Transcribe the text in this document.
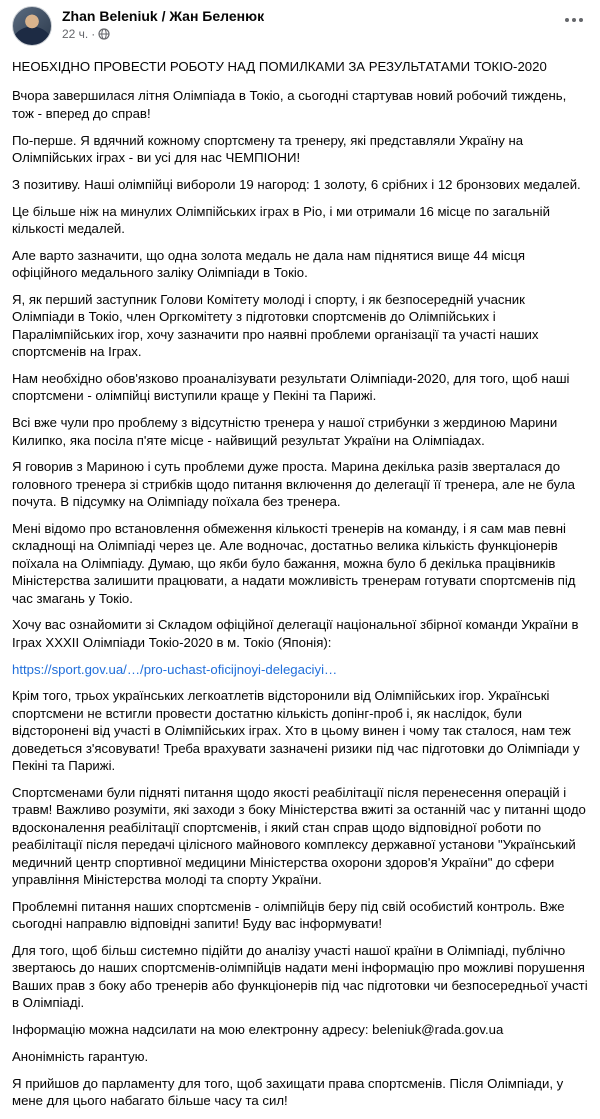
Zhan Beleniuk / Жан Беленюк
22 ч. ·

НЕОБХІДНО ПРОВЕСТИ РОБОТУ НАД ПОМИЛКАМИ ЗА РЕЗУЛЬТАТАМИ ТОКІО-2020

Вчора завершилася літня Олімпіада в Токіо, а сьогодні стартував новий робочий тиждень, тож - вперед до справ!

По-перше. Я вдячний кожному спортсмену та тренеру, які представляли Україну на Олімпійських іграх - ви усі для нас ЧЕМПІОНИ!

З позитиву. Наші олімпійці виборoли 19 нагород: 1 золоту, 6 срібних і 12 бронзових медалей.

Це більше ніж на минулих Олімпійських іграх в Ріо, і ми отримали 16 місце по загальній кількості медалей.

Але варто зазначити, що одна золота медаль не дала нам піднятися вище 44 місця офіційного медального заліку Олімпіади в Токіо.

Я, як перший заступник Голови Комітету молоді і спорту, і як безпосередній учасник Олімпіади в Токіо, член Оргкомітету з підготовки спортсменів до Олімпійських і Паралімпійських ігор, хочу зазначити про наявні проблеми організації та участі наших спортсменів на Іграх.

Нам необхідно обов'язково проаналізувати результати Олімпіади-2020, для того, щоб наші спортсмени - олімпійці виступили краще у Пекіні та Парижі.

Всі вже чули про проблему з відсутністю тренера у нашої стрибунки з жердиною Марини Килипко, яка посіла п'яте місце - найвищий результат України на Олімпіадах.

Я говорив з Мариною і суть проблеми дуже проста. Марина декілька разів зверталася до головного тренера зі стрибків щодо питання включення до делегації її тренера, але не була почута. В підсумку на Олімпіаду поїхала без тренера.

Мені відомо про встановлення обмеження кількості тренерів на команду, і я сам мав певні складнощі на Олімпіаді через це. Але водночас, достатньо велика кількість функціонерів поїхала на Олімпіаду. Думаю, що якби було бажання, можна було б декілька працівників Міністерства залишити працювати, а надати можливість тренерам готувати спортсменів під час змагань у Токіо.

Хочу вас ознайомити зі Складом офіційної делегації національної збірної команди України в Іграх XXXII Олімпіади Токіо-2020 в м. Токіо (Японія):

https://sport.gov.ua/…/pro-uchast-oficijnoyi-delegaciyi…

Крім того, трьох українських легкоатлетів відсторонили від Олімпійських ігор. Українські спортсмени не встигли провести достатню кількість допінг-проб і, як наслідок, були відсторонені від участі в Олімпійських іграх. Хто в цьому винен і чому так сталося, нам теж доведеться з'ясовувати! Треба врахувати зазначені ризики під час підготовки до Олімпіади у Пекіні та Парижі.

Спортсменами були підняті питання щодо якості реабілітації після перенесення операцій і травм! Важливо розуміти, які заходи з боку Міністерства вжиті за останній час у питанні щодо вдосконалення реабілітації спортсменів, і який стан справ щодо відповідної роботи по реабілітації після передачі цілісного майнового комплексу державної установи "Український медичний центр спортивної медицини Міністерства охорони здоров'я України" до сфери управління Міністерства молоді та спорту України.

Проблемні питання наших спортсменів - олімпійців беру під свій особистий контроль. Вже сьогодні направлю відповідні запити! Буду вас інформувати!

Для того, щоб більш системно підійти до аналізу участі нашої країни в Олімпіаді, публічно звертаюсь до наших спортсменів-олімпійців надати мені інформацію про можливі порушення Ваших прав з боку або тренерів або функціонерів під час підготовки чи безпосередньої участі в Олімпіаді.

Інформацію можна надсилати на мою електронну адресу: beleniuk@rada.gov.ua

Анонімність гарантую.

Я прийшов до парламенту для того, щоб захищати права спортсменів. Після Олімпіади, у мене для цього набагато більше часу та сил!
